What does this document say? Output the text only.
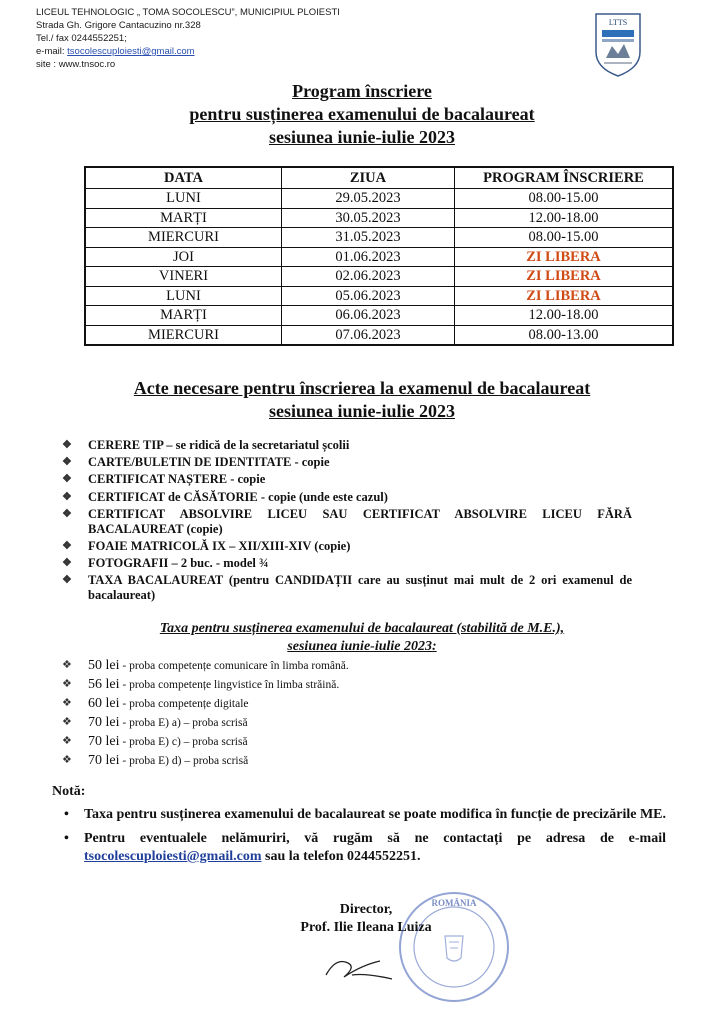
LICEUL TEHNOLOGIC „ TOMA SOCOLESCU”, MUNICIPIUL PLOIESTI
Strada Gh. Grigore Cantacuzino nr.328
Tel./ fax 0244552251;
e-mail: tsocolescuploiesti@gmail.com
site : www.tnsoc.ro
LTTS
Program înscriere
pentru susținerea examenului de bacalaureat
sesiunea iunie-iulie 2023
DATA	ZIUA	PROGRAM ÎNSCRIERE
LUNI	29.05.2023	08.00-15.00
MARȚI	30.05.2023	12.00-18.00
MIERCURI	31.05.2023	08.00-15.00
JOI	01.06.2023	ZI LIBERA
VINERI	02.06.2023	ZI LIBERA
LUNI	05.06.2023	ZI LIBERA
MARȚI	06.06.2023	12.00-18.00
MIERCURI	07.06.2023	08.00-13.00
Acte necesare pentru înscrierea la examenul de bacalaureat
sesiunea iunie-iulie 2023
❖ CERERE TIP – se ridică de la secretariatul școlii
❖ CARTE/BULETIN DE IDENTITATE - copie
❖ CERTIFICAT NAȘTERE - copie
❖ CERTIFICAT de CĂSĂTORIE - copie (unde este cazul)
❖ CERTIFICAT ABSOLVIRE LICEU SAU CERTIFICAT ABSOLVIRE LICEU FĂRĂ BACALAUREAT (copie)
❖ FOAIE MATRICOLĂ IX – XII/XIII-XIV (copie)
❖ FOTOGRAFII – 2 buc. - model ¾
❖ TAXA BACALAUREAT (pentru CANDIDAȚII care au susținut mai mult de 2 ori examenul de bacalaureat)
Taxa pentru susținerea examenului de bacalaureat (stabilită de M.E.),
sesiunea iunie-iulie 2023:
❖ 50 lei - proba competențe comunicare în limba română.
❖ 56 lei - proba competențe lingvistice în limba străină.
❖ 60 lei - proba competențe digitale
❖ 70 lei - proba E) a) – proba scrisă
❖ 70 lei - proba E) c) – proba scrisă
❖ 70 lei - proba E) d) – proba scrisă
Notă:
• Taxa pentru susținerea examenului de bacalaureat se poate modifica în funcție de precizările ME.
• Pentru eventualele nelămuriri, vă rugăm să ne contactați pe adresa de e-mail tsocolescuploiesti@gmail.com sau la telefon 0244552251.
ROMÂNIA
Director,
Prof. Ilie Ileana Luiza
